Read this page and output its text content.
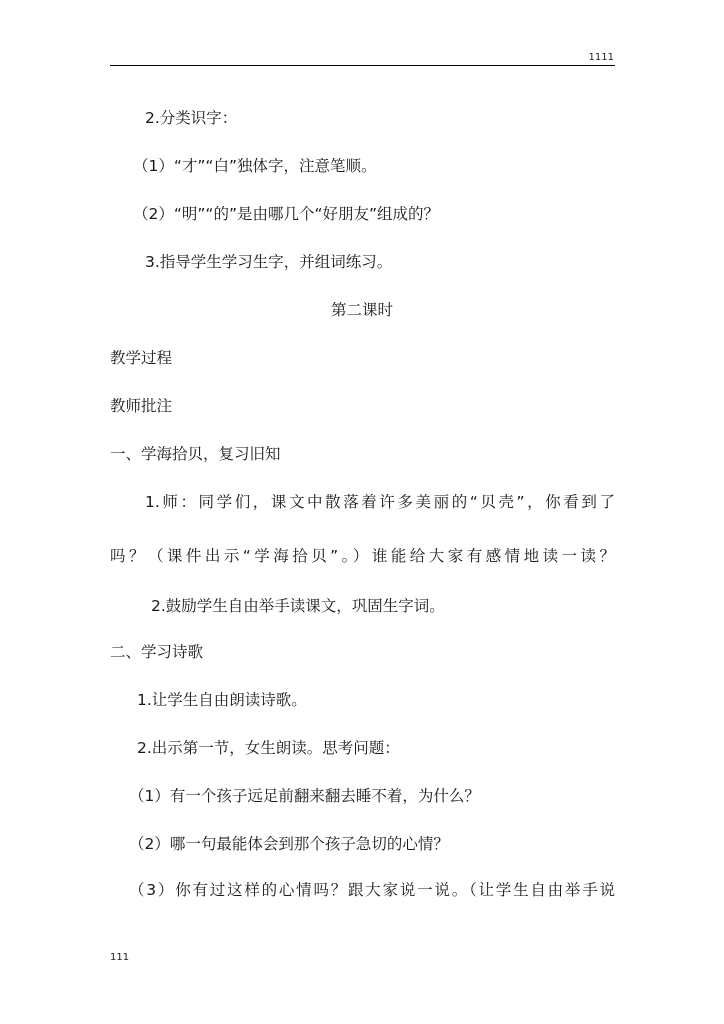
1111
2.分类识字：
（1）“才”“白”独体字，注意笔顺。
（2）“明”“的”是由哪几个“好朋友”组成的？
3.指导学生学习生字，并组词练习。
第二课时
教学过程
教师批注
一、学海拾贝，复习旧知
1.师：同学们，课文中散落着许多美丽的“贝壳”，你看到了
吗？（课件出示“学海拾贝”。）谁能给大家有感情地读一读？
2.鼓励学生自由举手读课文，巩固生字词。
二、学习诗歌
1.让学生自由朗读诗歌。
2.出示第一节，女生朗读。思考问题：
（1）有一个孩子远足前翻来翻去睡不着，为什么？
（2）哪一句最能体会到那个孩子急切的心情？
（3）你有过这样的心情吗？跟大家说一说。（让学生自由举手说
111
